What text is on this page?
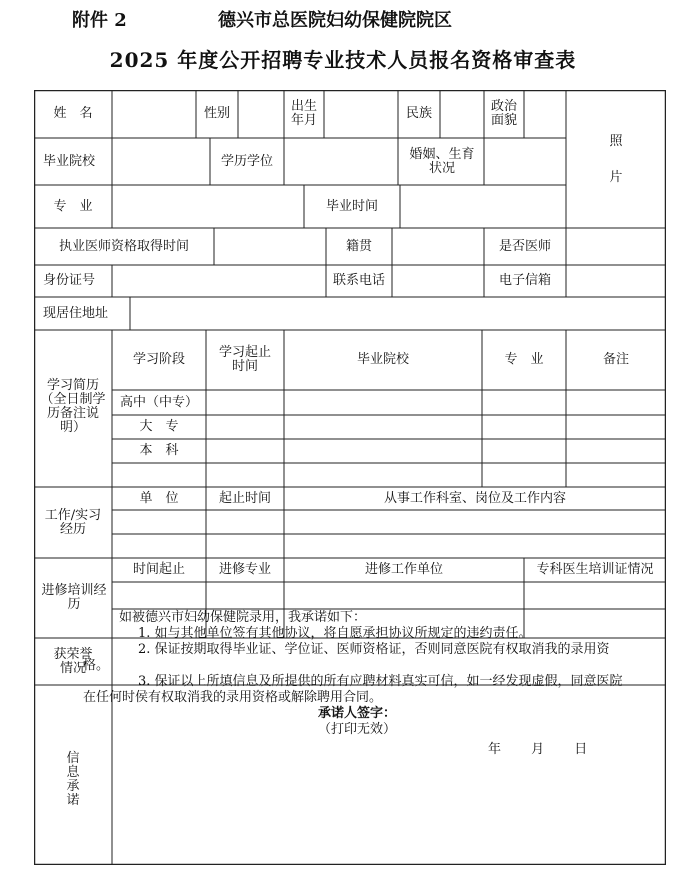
附件 2	德兴市总医院妇幼保健院院区
2025 年度公开招聘专业技术人员报名资格审查表
姓　名	性别	出生年月	民族	政治面貌
照　片
毕业院校	学历学位	婚姻、生育状况
专　业	毕业时间
执业医师资格取得时间	籍贯	是否医师
身份证号	联系电话	电子信箱
现居住地址
学习简历（全日制学历备注说明）
学习阶段	学习起止时间	毕业院校	专　业	备注
高中（中专）
大　专
本　科
工作/实习经历
单　位	起止时间	从事工作科室、岗位及工作内容
进修培训经历
时间起止	进修专业	进修工作单位	专科医生培训证情况
获荣誉情况
信息承诺

如被德兴市妇幼保健院录用，我承诺如下：

1. 如与其他单位签有其他协议，将自愿承担协议所规定的违约责任。

2. 保证按期取得毕业证、学位证、医师资格证，否则同意医院有权取消我的录用资格。

3. 保证以上所填信息及所提供的所有应聘材料真实可信，如一经发现虚假，同意医院在任何时侯有权取消我的录用资格或解除聘用合同。

承诺人签字：

（打印无效）

年 月 日
